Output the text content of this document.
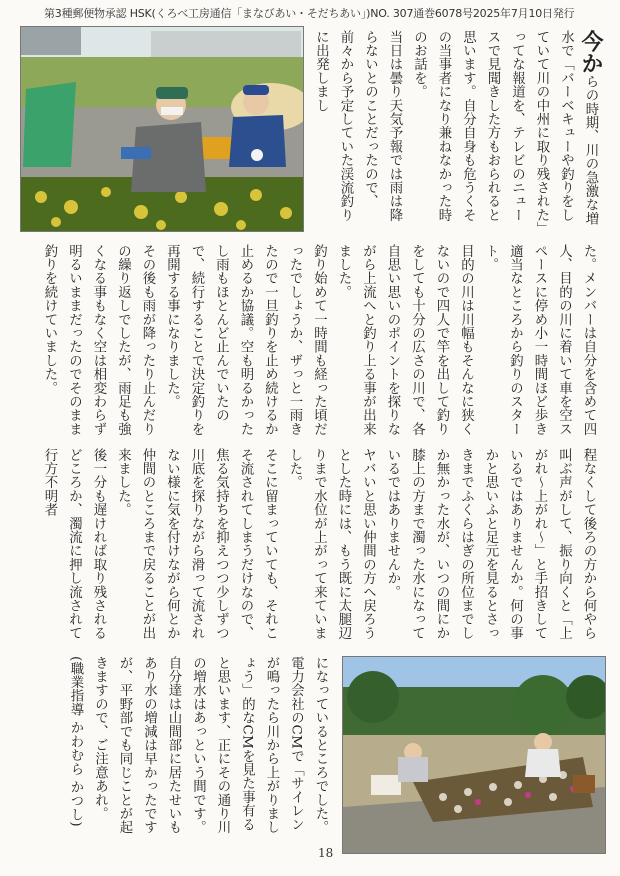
第3種郵便物承認 HSK(くろべ工房通信「まなびあい・そだちあい」)NO. 307通巻6078号2025年7月10日発行

今からの時期、川の急激な増水で「バーベキューや釣りをしていて川の中州に取り残された」ってな報道を、テレビのニュースで見聞きした方もおられると思います。自分自身も危うくその当事者になり兼ねなかった時のお話を。

当日は曇り天気予報では雨は降らないとのことだったので、前々から予定していた渓流釣りに出発しまし

た。メンバーは自分を含めて四人、目的の川に着いて車を空スペースに停め小一時間ほど歩き適当なところから釣りのスタート。

目的の川は川幅もそんなに狭くないので四人で竿を出して釣りをしても十分の広さの川で、各自思い思いのポイントを探りながら上流へと釣り上る事が出来ました。

釣り始めて一時間も経った頃だったでしょうか、ザっと一雨きたので一旦釣りを止め続けるか止めるか協議。空も明るかったし雨もほとんど止んでいたので、続行することで決定釣りを再開する事になりました。

その後も雨が降ったり止んだりの繰り返しでしたが、雨足も強くなる事もなく空は相変わらず明るいままだったのでそのまま釣りを続けていました。

程なくして後ろの方から何やら叫ぶ声がして、振り向くと「上がれ〜上がれ〜」と手招きしているではありませんか。何の事かと思いふと足元を見るとさっきまでふくらはぎの所位までしか無かった水が、いつの間にか膝上の方まで濁った水になっているではありませんか。

ヤバいと思い仲間の方へ戻ろうとした時には、もう既に太腿辺りまで水位が上がって来ていました。

そこに留まっていても、それこそ流されてしまうだけなので、焦る気持ちを抑えつつ少しずつ川底を探りながら滑って流されない様に気を付けながら何とか仲間のところまで戻ることが出来ました。

後一分も遅ければ取り残されるどころか、濁流に押し流されて行方不明者

になっているところでした。

電力会社のCMで「サイレンが鳴ったら川から上がりましょう」的なCMを見た事有ると思います、正にその通り川の増水はあっという間です。

自分達は山間部に居たせいもあり水の増減は早かったですが、平野部でも同じことが起きますので、ご注意あれ。

(職業指導 かわむら かつし)

18
